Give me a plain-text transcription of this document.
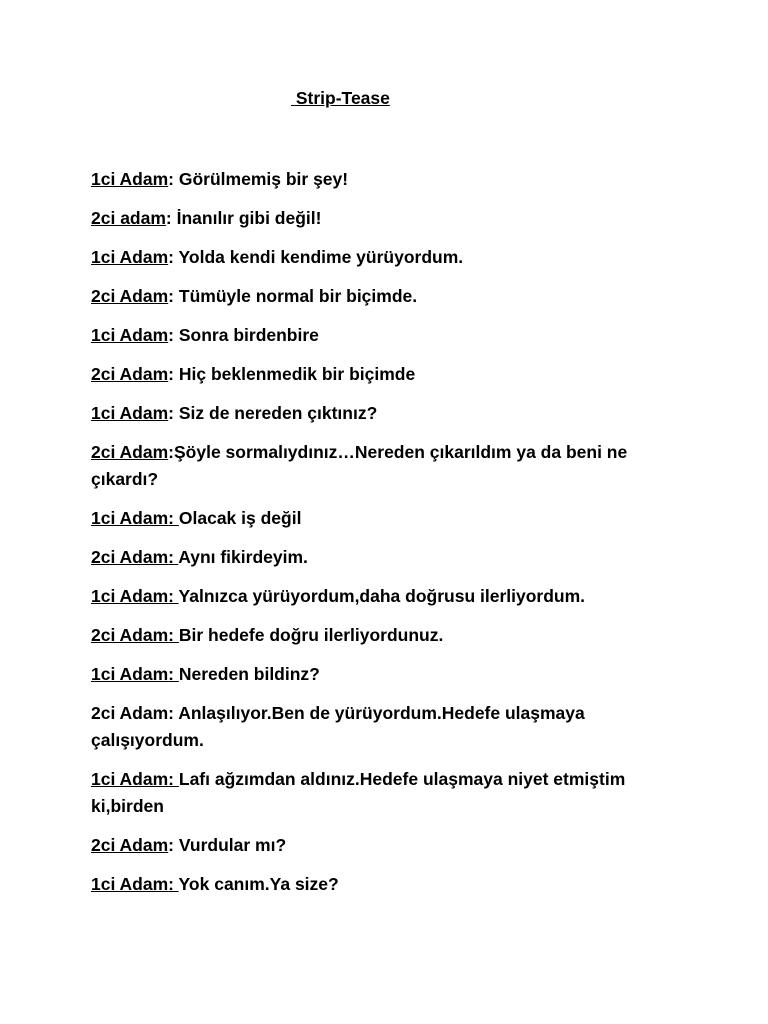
Strip-Tease

1ci Adam: Görülmemiş bir şey!

2ci adam: İnanılır gibi değil!

1ci Adam: Yolda kendi kendime yürüyordum.

2ci Adam: Tümüyle normal bir biçimde.

1ci Adam: Sonra birdenbire

2ci Adam: Hiç beklenmedik bir biçimde

1ci Adam: Siz de nereden çıktınız?

2ci Adam:Şöyle sormalıydınız…Nereden çıkarıldım ya da beni ne çıkardı?

1ci Adam: Olacak iş değil

2ci Adam: Aynı fikirdeyim.

1ci Adam: Yalnızca yürüyordum,daha doğrusu ilerliyordum.

2ci Adam: Bir hedefe doğru ilerliyordunuz.

1ci Adam: Nereden bildinz?

2ci Adam: Anlaşılıyor.Ben de yürüyordum.Hedefe ulaşmaya çalışıyordum.

1ci Adam: Lafı ağzımdan aldınız.Hedefe ulaşmaya niyet etmiştim ki,birden

2ci Adam: Vurdular mı?

1ci Adam: Yok canım.Ya size?
